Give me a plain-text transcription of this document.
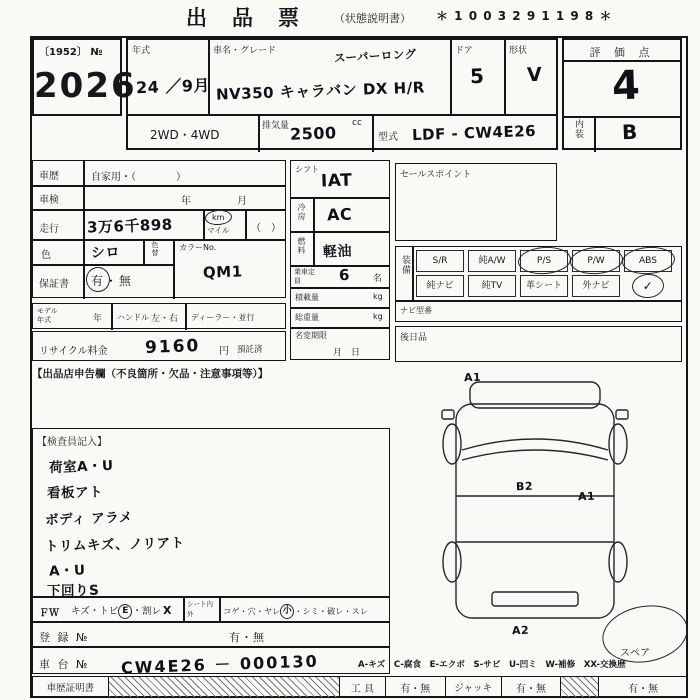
出　品　票	（状態説明書） ＊ 1 0 0 3 2 9 1 1 9 8 ＊
〔1952〕 №
2026
年式
24 ／9月
車名・グレード	スーパーロング
NV350 キャラバン DX H/R
ドア
5
形状
V
2WD・4WD
排気量 2500
cc
型式 LDF - CW4E26
評 価 点
4
内装 B
車歴	自家用・（　　　　）
車検	年	月
走行 3万6千898	km
マイル （　）
色	シロ	色替	カラーNo.
QM1
保証書 有・無
モデル年式	年 ハンドル 左・右 ディーラー・並行
リサイクル料金 9160 円 預託済
【出品店申告欄（不良箇所・欠品・注意事項等）】
シフト
IAT
冷房 AC
燃料 軽油
乗車定員	6	名
積載量	kg
総重量	kg
名変期限
月　日
セールスポイント
装備	S/R	純A/W	P/S	P/W	ABS
純ナビ	純TV	革シート	外ナビ	✓
ナビ型番
後日品
A1
B2
A1
A2
スペア
【検査員記入】
荷室A・U
看板アト
ボディ アラメ
トリムキズ、ノリアト
A・U
下回りS
ＦＷ キズ・トビ E ・割レ X シート内外	コゲ・穴・ヤレ 小 ・シミ・破レ・スレ
登 録 №	有・無
車 台 № CW4E26 － 000130	A-キズ　C-腐食　E-エクボ　S-サビ　U-凹ミ　W-補修　XX-交換歴
車歴証明書	工 具	有・無	ジャッキ	有・無	有・無
